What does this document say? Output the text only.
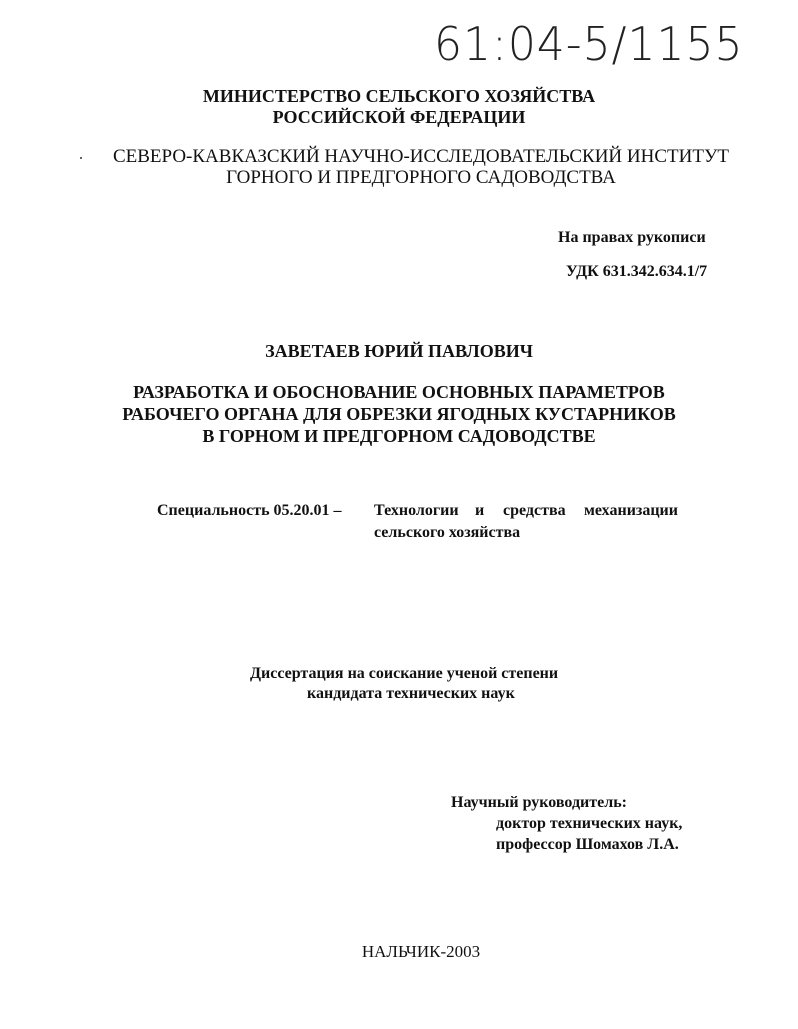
61:04-5/1155
МИНИСТЕРСТВО СЕЛЬСКОГО ХОЗЯЙСТВА
РОССИЙСКОЙ ФЕДЕРАЦИИ
СЕВЕРО-КАВКАЗСКИЙ НАУЧНО-ИССЛЕДОВАТЕЛЬСКИЙ ИНСТИТУТ
ГОРНОГО И ПРЕДГОРНОГО САДОВОДСТВА
На правах рукописи
УДК 631.342.634.1/7
ЗАВЕТАЕВ ЮРИЙ ПАВЛОВИЧ
РАЗРАБОТКА И ОБОСНОВАНИЕ ОСНОВНЫХ ПАРАМЕТРОВ
РАБОЧЕГО ОРГАНА ДЛЯ ОБРЕЗКИ ЯГОДНЫХ КУСТАРНИКОВ
В ГОРНОМ И ПРЕДГОРНОМ САДОВОДСТВЕ
Специальность 05.20.01 – Технологии и средства механизации
сельского хозяйства
Диссертация на соискание ученой степени
кандидата технических наук
Научный руководитель:
доктор технических наук,
профессор Шомахов Л.А.
НАЛЬЧИК-2003
